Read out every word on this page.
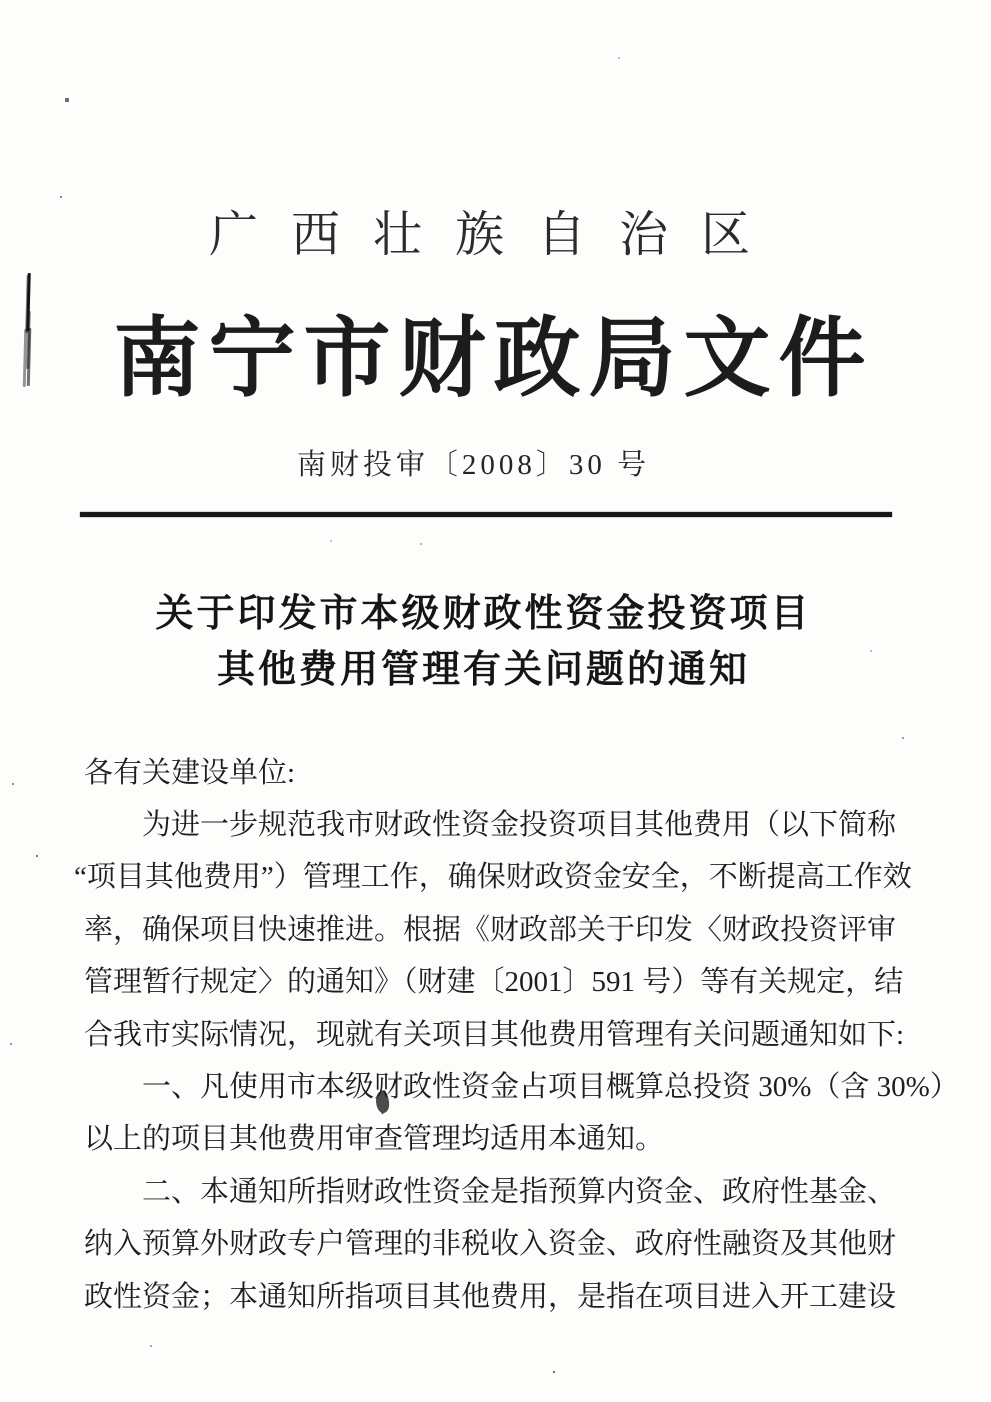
广西壮族自治区
南宁市财政局文件
南财投审〔2008〕30 号
关于印发市本级财政性资金投资项目
其他费用管理有关问题的通知
各有关建设单位:
为进一步规范我市财政性资金投资项目其他费用（以下简称
“项目其他费用”）管理工作，确保财政资金安全，不断提高工作效
率，确保项目快速推进。根据《财政部关于印发〈财政投资评审
管理暂行规定〉的通知》（财建〔2001〕591 号）等有关规定，结
合我市实际情况，现就有关项目其他费用管理有关问题通知如下:
一、凡使用市本级财政性资金占项目概算总投资 30%（含 30%）
以上的项目其他费用审查管理均适用本通知。
二、本通知所指财政性资金是指预算内资金、政府性基金、
纳入预算外财政专户管理的非税收入资金、政府性融资及其他财
政性资金；本通知所指项目其他费用，是指在项目进入开工建设
